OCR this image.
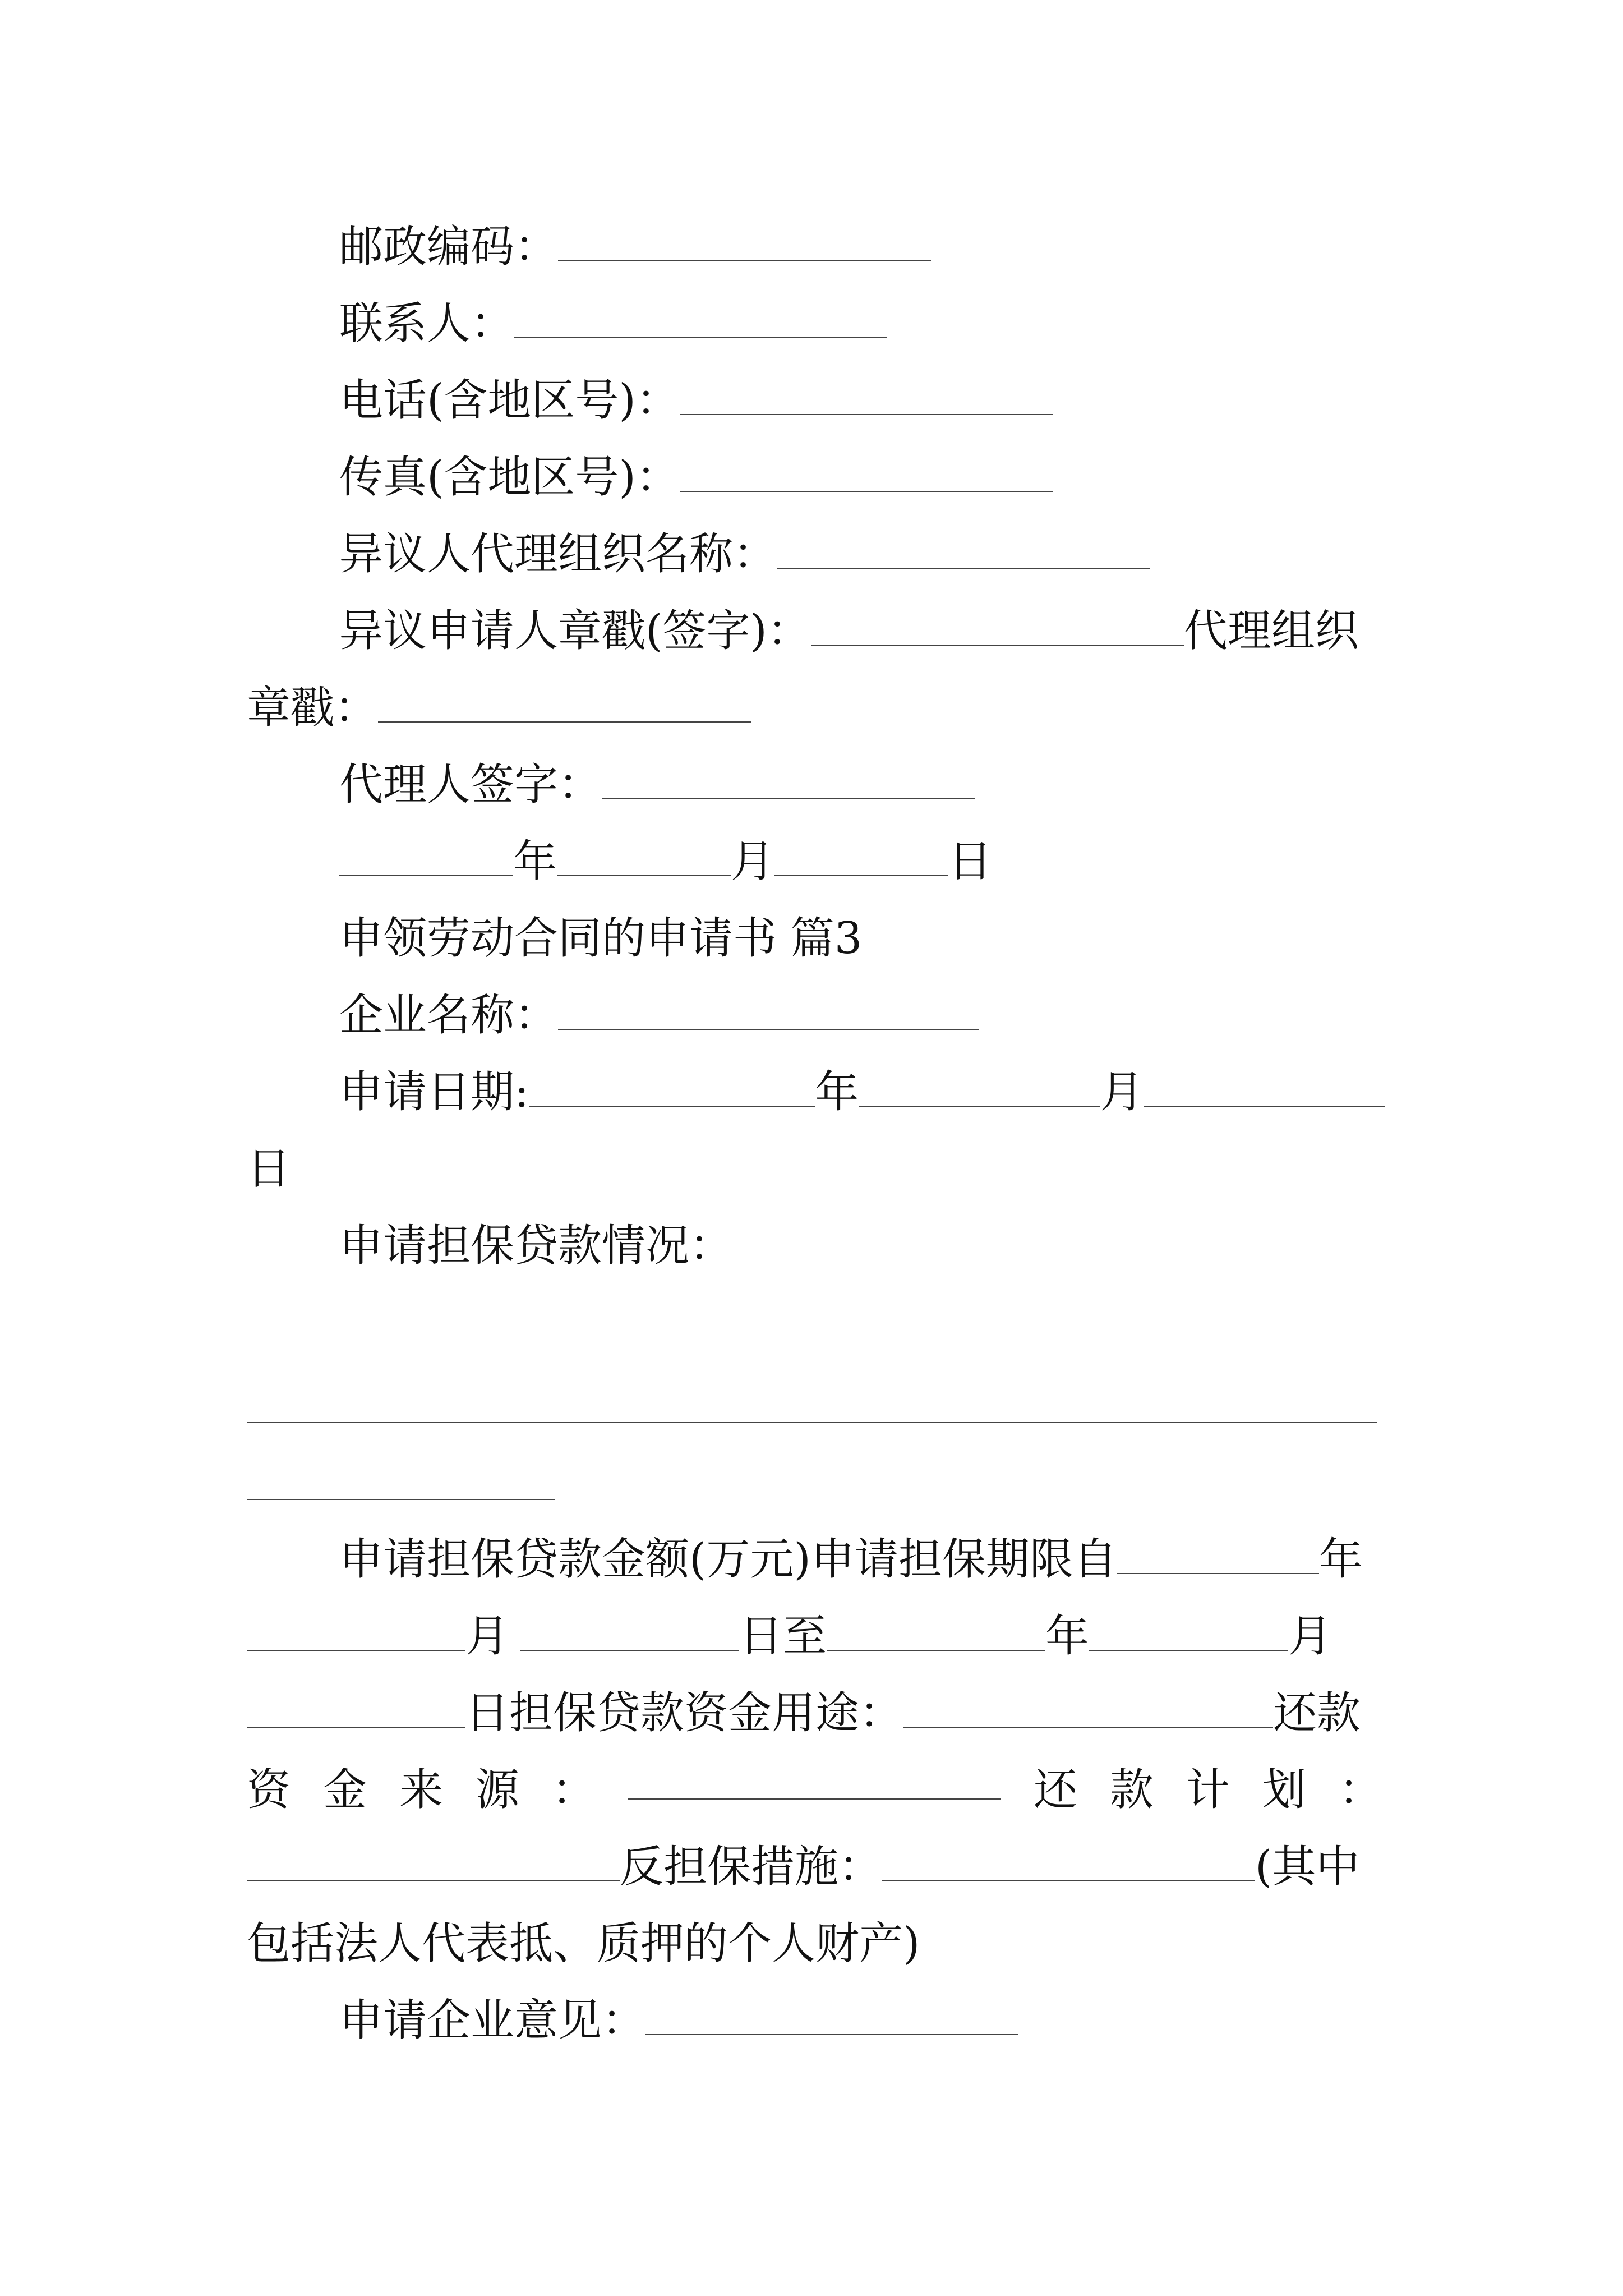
邮政编码：
联系人：
电话(含地区号)：
传真(含地区号)：
异议人代理组织名称：
异议申请人章戳(签字)：	代理组织
章戳：
代理人签字：
年	月	日
申领劳动合同的申请书 篇3
企业名称：
申请日期:	年	月
日
申请担保贷款情况：
申请担保贷款金额(万元)申请担保期限自	年
月	日至	年	月
日担保贷款资金用途：	还款
资 金 来 源 ：	还 款 计 划 ：
反担保措施：	(其中
包括法人代表抵、质押的个人财产)
申请企业意见：
